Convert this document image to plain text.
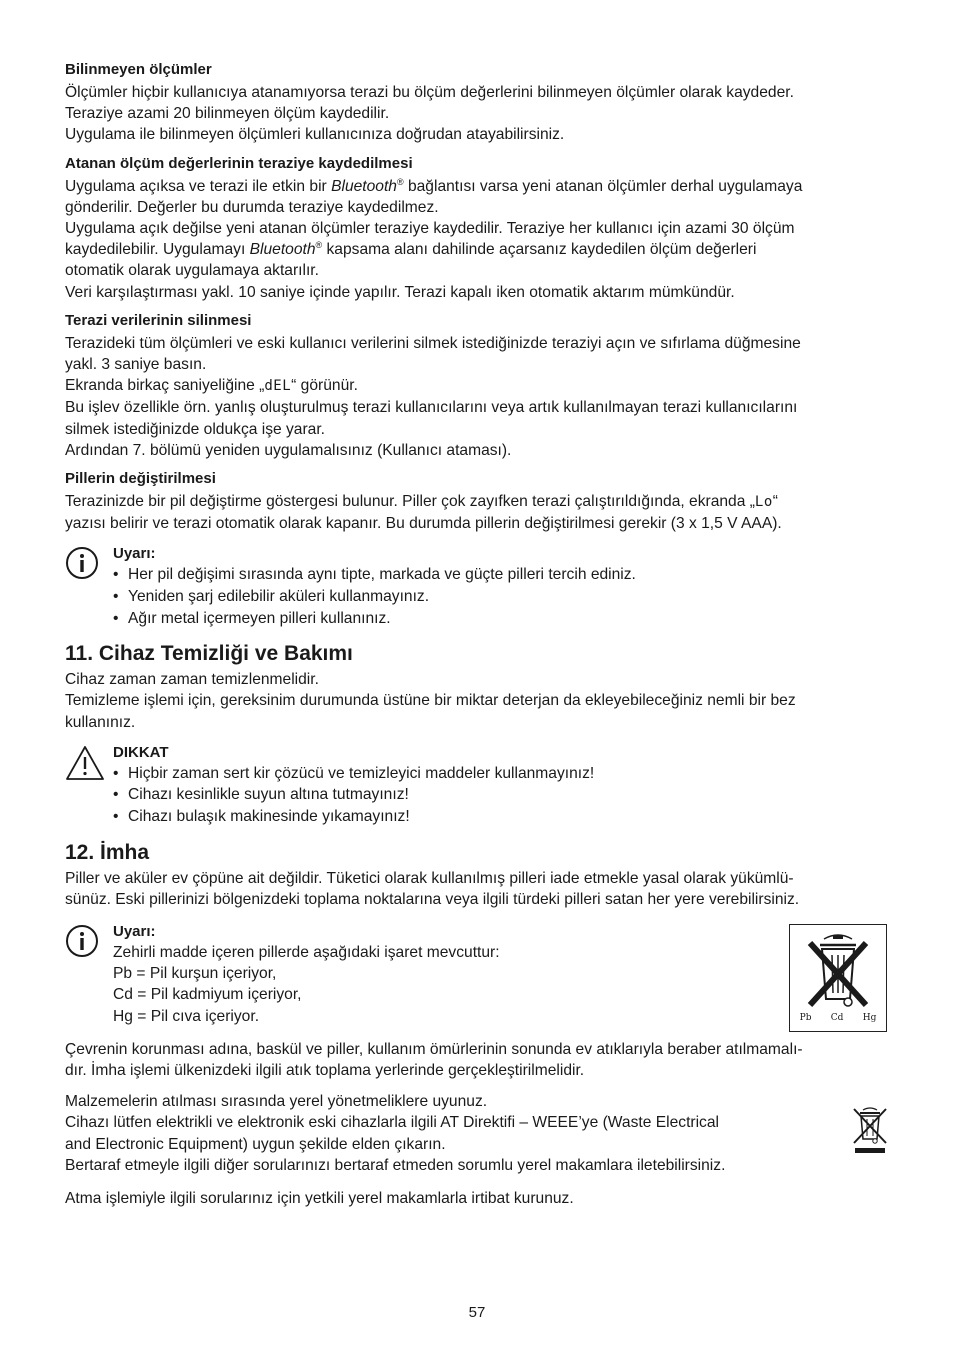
Bilinmeyen ölçümler

Ölçümler hiçbir kullanıcıya atanamıyorsa terazi bu ölçüm değerlerini bilinmeyen ölçümler olarak kaydeder.

Teraziye azami 20 bilinmeyen ölçüm kaydedilir.

Uygulama ile bilinmeyen ölçümleri kullanıcınıza doğrudan atayabilirsiniz.

Atanan ölçüm değerlerinin teraziye kaydedilmesi

Uygulama açıksa ve terazi ile etkin bir Bluetooth® bağlantısı varsa yeni atanan ölçümler derhal uygulamaya

gönderilir. Değerler bu durumda teraziye kaydedilmez.

Uygulama açık değilse yeni atanan ölçümler teraziye kaydedilir. Teraziye her kullanıcı için azami 30 ölçüm

kaydedilebilir. Uygulamayı Bluetooth® kapsama alanı dahilinde açarsanız kaydedilen ölçüm değerleri

otomatik olarak uygulamaya aktarılır.

Veri karşılaştırması yakl. 10 saniye içinde yapılır. Terazi kapalı iken otomatik aktarım mümkündür.

Terazi verilerinin silinmesi

Terazideki tüm ölçümleri ve eski kullanıcı verilerini silmek istediğinizde teraziyi açın ve sıfırlama düğmesine

yakl. 3 saniye basın.

Ekranda birkaç saniyeliğine „dEL“ görünür.

Bu işlev özellikle örn. yanlış oluşturulmuş terazi kullanıcılarını veya artık kullanılmayan terazi kullanıcılarını

silmek istediğinizde oldukça işe yarar.

Ardından 7. bölümü yeniden uygulamalısınız (Kullanıcı ataması).

Pillerin değiştirilmesi

Terazinizde bir pil değiştirme göstergesi bulunur. Piller çok zayıfken terazi çalıştırıldığında, ekranda „Lo“

yazısı belirir ve terazi otomatik olarak kapanır. Bu durumda pillerin değiştirilmesi gerekir (3 x 1,5 V AAA).

Uyarı:
• Her pil değişimi sırasında aynı tipte, markada ve güçte pilleri tercih ediniz.
• Yeniden şarj edilebilir aküleri kullanmayınız.
• Ağır metal içermeyen pilleri kullanınız.
11. Cihaz Temizliği ve Bakımı

Cihaz zaman zaman temizlenmelidir.

Temizleme işlemi için, gereksinim durumunda üstüne bir miktar deterjan da ekleyebileceğiniz nemli bir bez

kullanınız.

DIKKAT
• Hiçbir zaman sert kir çözücü ve temizleyici maddeler kullanmayınız!
• Cihazı kesinlikle suyun altına tutmayınız!
• Cihazı bulaşık makinesinde yıkamayınız!
12. İmha

Piller ve aküler ev çöpüne ait değildir. Tüketici olarak kullanılmış pilleri iade etmekle yasal olarak yükümlü-

sünüz. Eski pillerinizi bölgenizdeki toplama noktalarına veya ilgili türdeki pilleri satan her yere verebilirsiniz.

Uyarı:

Zehirli madde içeren pillerde aşağıdaki işaret mevcuttur:

Pb = Pil kurşun içeriyor,

Cd = Pil kadmiyum içeriyor,

Hg = Pil cıva içeriyor.	Pb Cd Hg

Çevrenin korunması adına, baskül ve piller, kullanım ömürlerinin sonunda ev atıklarıyla beraber atılmamalı-

dır. İmha işlemi ülkenizdeki ilgili atık toplama yerlerinde gerçekleştirilmelidir.

Malzemelerin atılması sırasında yerel yönetmeliklere uyunuz.

Cihazı lütfen elektrikli ve elektronik eski cihazlarla ilgili AT Direktifi – WEEE’ye (Waste Electrical

and Electronic Equipment) uygun şekilde elden çıkarın.

Bertaraf etmeyle ilgili diğer sorularınızı bertaraf etmeden sorumlu yerel makamlara iletebilirsiniz.

Atma işlemiyle ilgili sorularınız için yetkili yerel makamlarla irtibat kurunuz.

57
